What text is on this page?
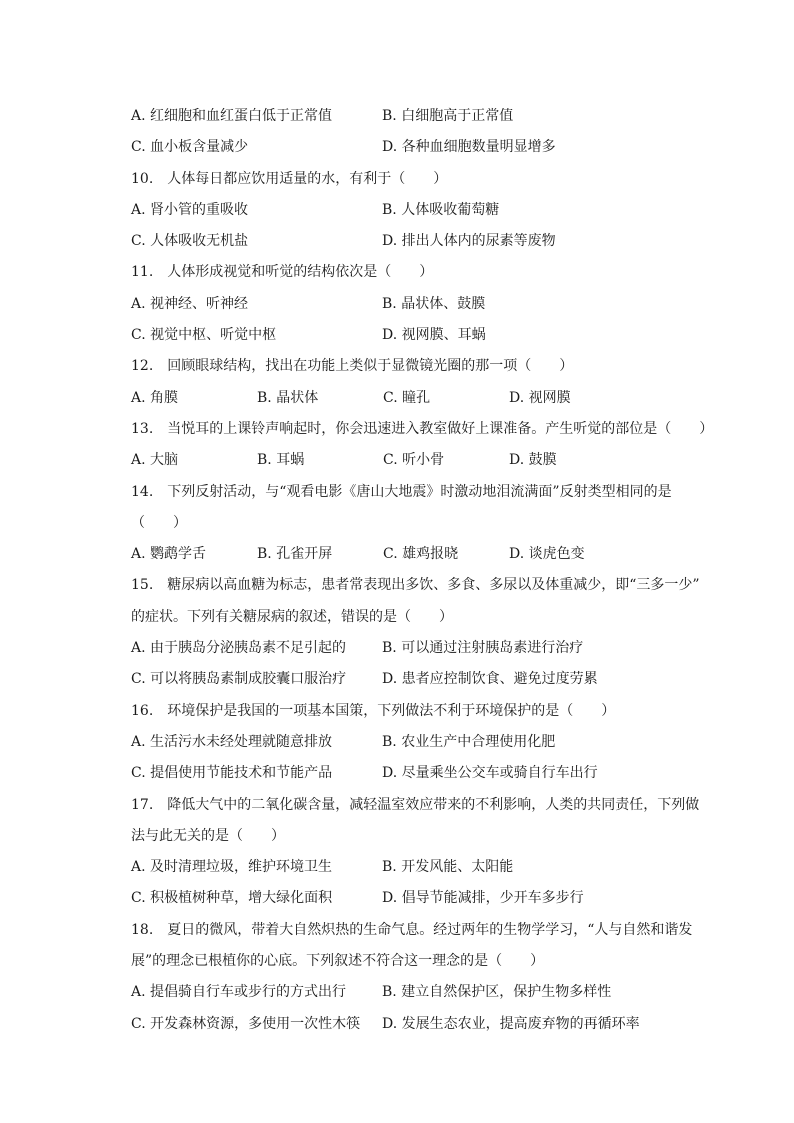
A. 红细胞和血红蛋白低于正常值	B. 白细胞高于正常值
C. 血小板含量减少	D. 各种血细胞数量明显增多
10.　人体每日都应饮用适量的水，有利于（　　）
A. 肾小管的重吸收	B. 人体吸收葡萄糖
C. 人体吸收无机盐	D. 排出人体内的尿素等废物
11.　人体形成视觉和听觉的结构依次是（　　）
A. 视神经、听神经	B. 晶状体、鼓膜
C. 视觉中枢、听觉中枢	D. 视网膜、耳蜗
12.　回顾眼球结构，找出在功能上类似于显微镜光圈的那一项（　　）
A. 角膜	B. 晶状体	C. 瞳孔	D. 视网膜
13.　当悦耳的上课铃声响起时，你会迅速进入教室做好上课准备。产生听觉的部位是（　　）
A. 大脑	B. 耳蜗	C. 听小骨	D. 鼓膜
14.　下列反射活动，与“观看电影《唐山大地震》时激动地泪流满面”反射类型相同的是
（　　）
A. 鹦鹉学舌	B. 孔雀开屏	C. 雄鸡报晓	D. 谈虎色变
15.　糖尿病以高血糖为标志，患者常表现出多饮、多食、多尿以及体重减少，即“三多一少”
的症状。下列有关糖尿病的叙述，错误的是（　　）
A. 由于胰岛分泌胰岛素不足引起的	B. 可以通过注射胰岛素进行治疗
C. 可以将胰岛素制成胶囊口服治疗	D. 患者应控制饮食、避免过度劳累
16.　环境保护是我国的一项基本国策，下列做法不利于环境保护的是（　　）
A. 生活污水未经处理就随意排放	B. 农业生产中合理使用化肥
C. 提倡使用节能技术和节能产品	D. 尽量乘坐公交车或骑自行车出行
17.　降低大气中的二氧化碳含量，减轻温室效应带来的不利影响，人类的共同责任，下列做
法与此无关的是（　　）
A. 及时清理垃圾，维护环境卫生	B. 开发风能、太阳能
C. 积极植树种草，增大绿化面积	D. 倡导节能减排，少开车多步行
18.　夏日的微风，带着大自然炽热的生命气息。经过两年的生物学学习，“人与自然和谐发
展”的理念已根植你的心底。下列叙述不符合这一理念的是（　　）
A. 提倡骑自行车或步行的方式出行	B. 建立自然保护区，保护生物多样性
C. 开发森林资源，多使用一次性木筷	D. 发展生态农业，提高废弃物的再循环率
